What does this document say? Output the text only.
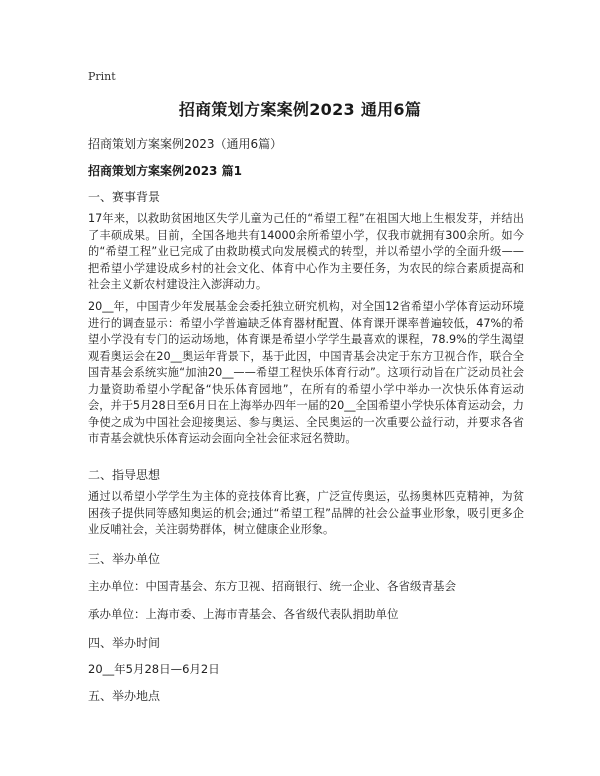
Print
招商策划方案案例2023 通用6篇
招商策划方案案例2023（通用6篇）
招商策划方案案例2023 篇1
一、赛事背景
17年来，以救助贫困地区失学儿童为己任的“希望工程”在祖国大地上生根发芽，并结出了丰硕成果。目前，全国各地共有14000余所希望小学，仅我市就拥有300余所。如今的“希望工程”业已完成了由救助模式向发展模式的转型，并以希望小学的全面升级——把希望小学建设成乡村的社会文化、体育中心作为主要任务，为农民的综合素质提高和社会主义新农村建设注入澎湃动力。
20__年，中国青少年发展基金会委托独立研究机构，对全国12省希望小学体育运动环境进行的调查显示：希望小学普遍缺乏体育器材配置、体育课开课率普遍较低，47%的希望小学没有专门的运动场地，体育课是希望小学学生最喜欢的课程，78.9%的学生渴望观看奥运会在20__奥运年背景下，基于此因，中国青基会决定于东方卫视合作，联合全国青基会系统实施“加油20__——希望工程快乐体育行动”。这项行动旨在广泛动员社会力量资助希望小学配备“快乐体育园地”，在所有的希望小学中举办一次快乐体育运动会，并于5月28日至6月日在上海举办四年一届的20__全国希望小学快乐体育运动会，力争使之成为中国社会迎接奥运、参与奥运、全民奥运的一次重要公益行动，并要求各省市青基会就快乐体育运动会面向全社会征求冠名赞助。
二、指导思想
通过以希望小学学生为主体的竞技体育比赛，广泛宣传奥运，弘扬奥林匹克精神，为贫困孩子提供同等感知奥运的机会;通过“希望工程”品牌的社会公益事业形象，吸引更多企业反哺社会，关注弱势群体，树立健康企业形象。
三、举办单位
主办单位：中国青基会、东方卫视、招商银行、统一企业、各省级青基会
承办单位：上海市委、上海市青基会、各省级代表队捐助单位
四、举办时间
20__年5月28日—6月2日
五、举办地点
